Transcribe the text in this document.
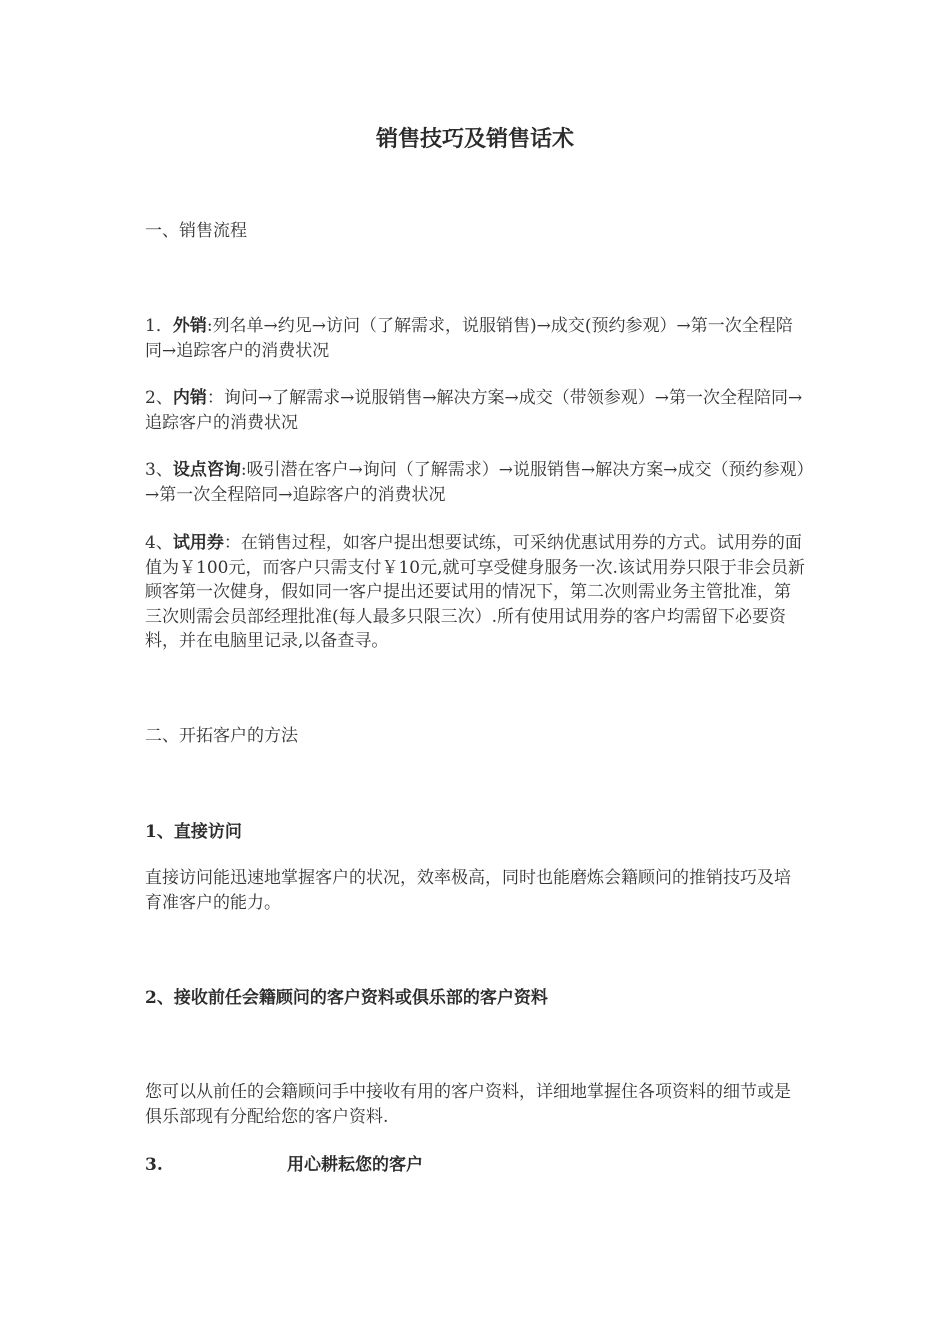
销售技巧及销售话术

一、销售流程

1．外销:列名单→约见→访问（了解需求，说服销售)→成交(预约参观）→第一次全程陪同→追踪客户的消费状况

2、内销：询问→了解需求→说服销售→解决方案→成交（带领参观）→第一次全程陪同→追踪客户的消费状况

3、设点咨询:吸引潜在客户→询问（了解需求）→说服销售→解决方案→成交（预约参观）→第一次全程陪同→追踪客户的消费状况

4、试用券：在销售过程，如客户提出想要试练，可采纳优惠试用券的方式。试用券的面值为￥100元，而客户只需支付￥10元,就可享受健身服务一次.该试用券只限于非会员新顾客第一次健身，假如同一客户提出还要试用的情况下，第二次则需业务主管批准，第三次则需会员部经理批准(每人最多只限三次）.所有使用试用券的客户均需留下必要资料，并在电脑里记录,以备查寻。

二、开拓客户的方法

1、直接访问

直接访问能迅速地掌握客户的状况，效率极高，同时也能磨炼会籍顾问的推销技巧及培育准客户的能力。

2、接收前任会籍顾问的客户资料或俱乐部的客户资料

您可以从前任的会籍顾问手中接收有用的客户资料，详细地掌握住各项资料的细节或是俱乐部现有分配给您的客户资料.

3.	用心耕耘您的客户
